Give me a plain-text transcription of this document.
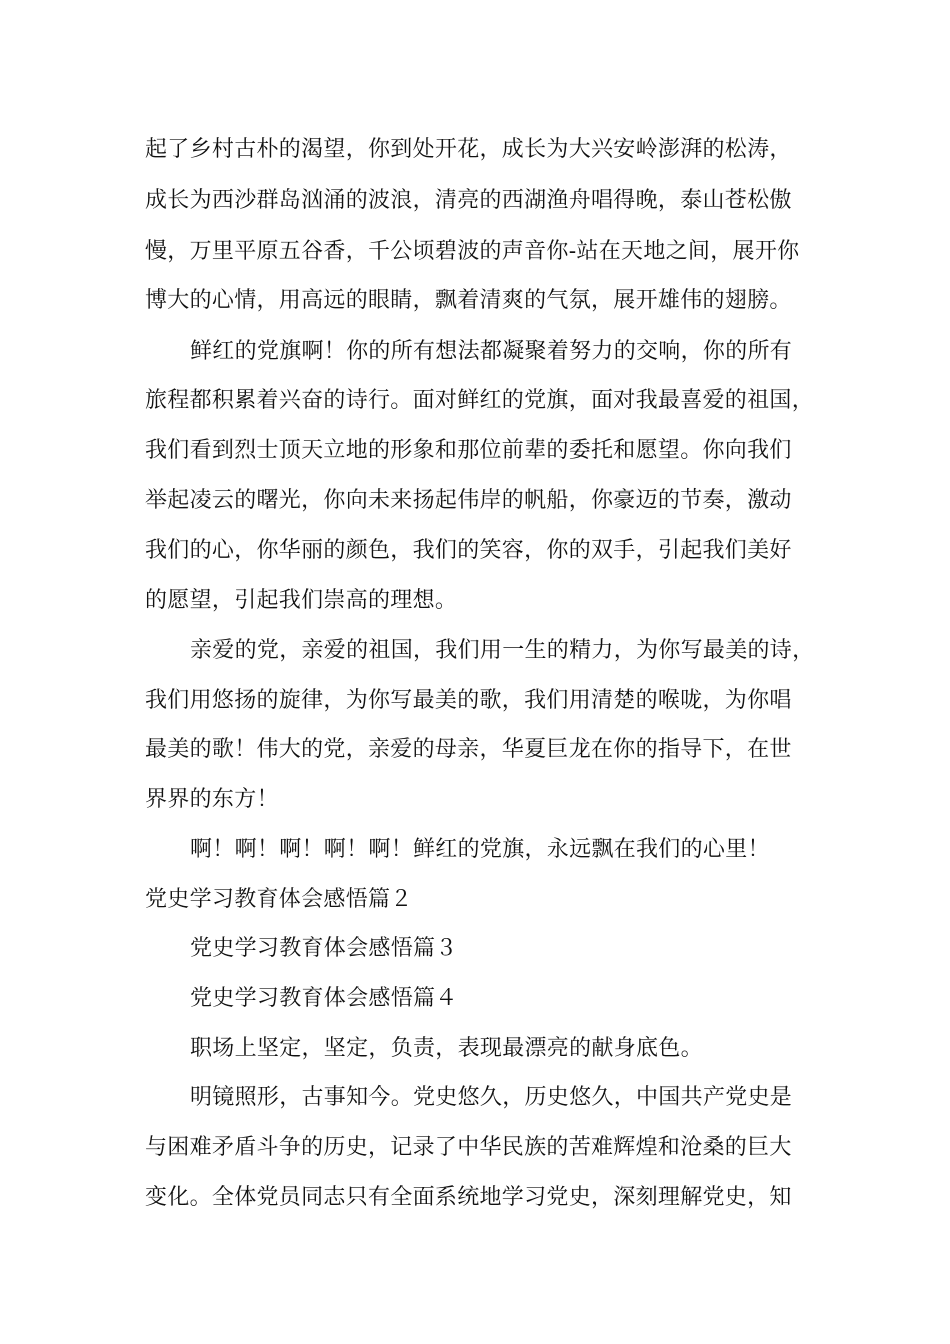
起了乡村古朴的渴望，你到处开花，成长为大兴安岭澎湃的松涛，
成长为西沙群岛汹涌的波浪，清亮的西湖渔舟唱得晚，泰山苍松傲
慢，万里平原五谷香，千公顷碧波的声音你-站在天地之间，展开你
博大的心情，用高远的眼睛，飘着清爽的气氛，展开雄伟的翅膀。
鲜红的党旗啊！你的所有想法都凝聚着努力的交响，你的所有
旅程都积累着兴奋的诗行。面对鲜红的党旗，面对我最喜爱的祖国，
我们看到烈士顶天立地的形象和那位前辈的委托和愿望。你向我们
举起凌云的曙光，你向未来扬起伟岸的帆船，你豪迈的节奏，激动
我们的心，你华丽的颜色，我们的笑容，你的双手，引起我们美好
的愿望，引起我们崇高的理想。
亲爱的党，亲爱的祖国，我们用一生的精力，为你写最美的诗，
我们用悠扬的旋律，为你写最美的歌，我们用清楚的喉咙，为你唱
最美的歌！伟大的党，亲爱的母亲，华夏巨龙在你的指导下，在世
界界的东方！
啊！啊！啊！啊！啊！鲜红的党旗，永远飘在我们的心里！
党史学习教育体会感悟篇２
党史学习教育体会感悟篇３
党史学习教育体会感悟篇４
职场上坚定，坚定，负责，表现最漂亮的献身底色。
明镜照形，古事知今。党史悠久，历史悠久，中国共产党史是
与困难矛盾斗争的历史，记录了中华民族的苦难辉煌和沧桑的巨大
变化。全体党员同志只有全面系统地学习党史，深刻理解党史，知
